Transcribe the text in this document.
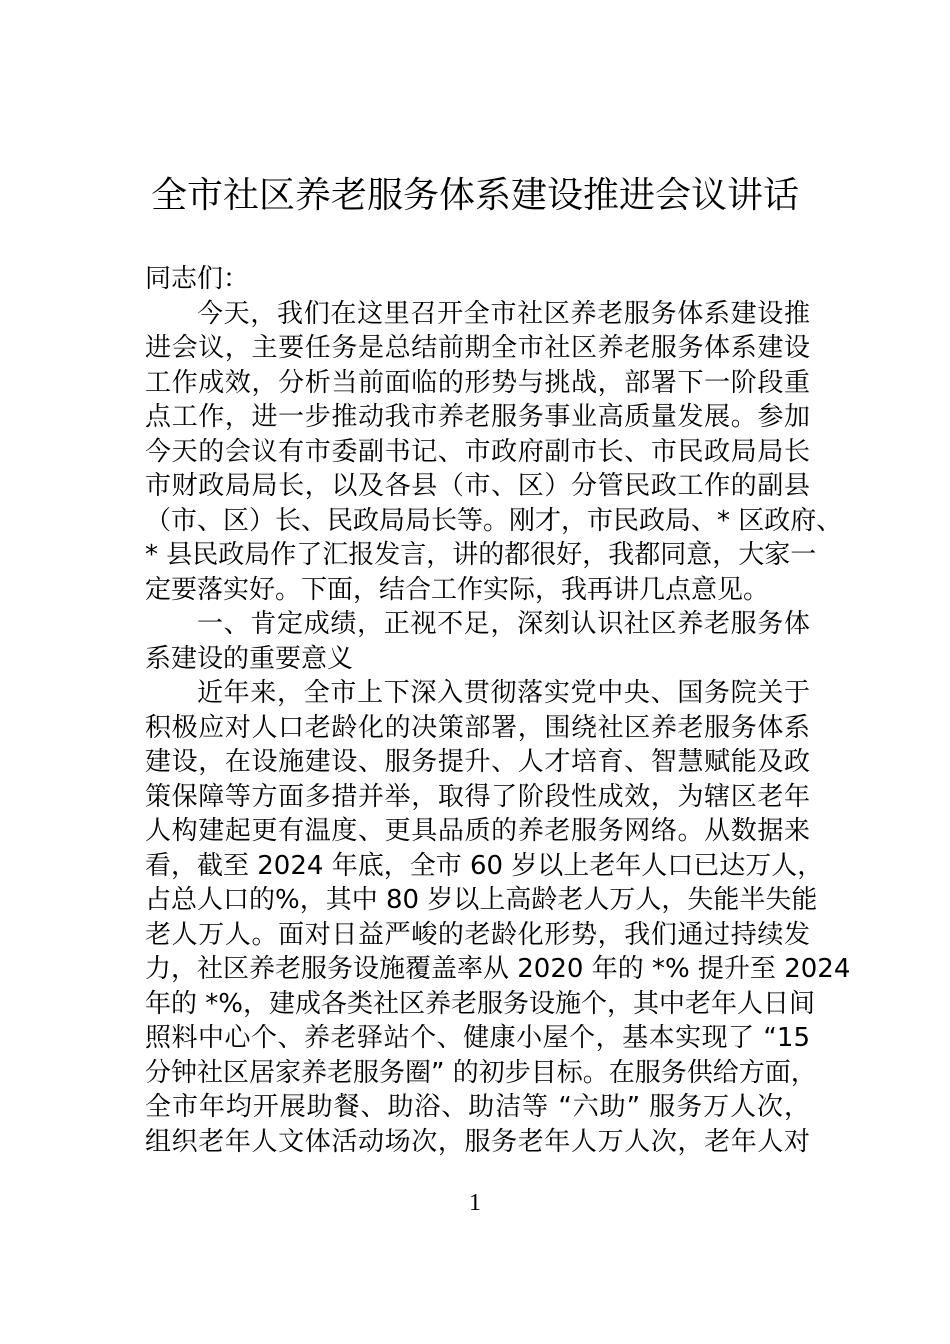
全市社区养老服务体系建设推进会议讲话
同志们：
今天，我们在这里召开全市社区养老服务体系建设推
进会议，主要任务是总结前期全市社区养老服务体系建设
工作成效，分析当前面临的形势与挑战，部署下一阶段重
点工作，进一步推动我市养老服务事业高质量发展。参加
今天的会议有市委副书记、市政府副市长、市民政局局长
市财政局局长，以及各县（市、区）分管民政工作的副县
（市、区）长、民政局局长等。刚才，市民政局、* 区政府、
* 县民政局作了汇报发言，讲的都很好，我都同意，大家一
定要落实好。下面，结合工作实际，我再讲几点意见。
一、肯定成绩，正视不足，深刻认识社区养老服务体
系建设的重要意义
近年来，全市上下深入贯彻落实党中央、国务院关于
积极应对人口老龄化的决策部署，围绕社区养老服务体系
建设，在设施建设、服务提升、人才培育、智慧赋能及政
策保障等方面多措并举，取得了阶段性成效，为辖区老年
人构建起更有温度、更具品质的养老服务网络。从数据来
看，截至 2024 年底，全市 60 岁以上老年人口已达万人，
占总人口的%，其中 80 岁以上高龄老人万人，失能半失能
老人万人。面对日益严峻的老龄化形势，我们通过持续发
力，社区养老服务设施覆盖率从 2020 年的 *% 提升至 2024
年的 *%，建成各类社区养老服务设施个，其中老年人日间
照料中心个、养老驿站个、健康小屋个，基本实现了 “15
分钟社区居家养老服务圈” 的初步目标。在服务供给方面，
全市年均开展助餐、助浴、助洁等 “六助” 服务万人次，
组织老年人文体活动场次，服务老年人万人次，老年人对
1
